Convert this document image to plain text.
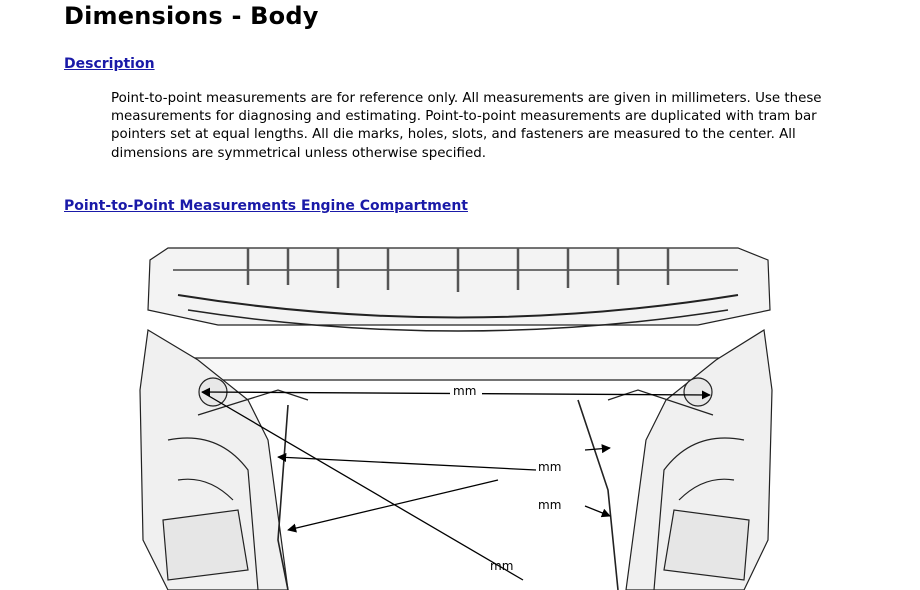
Dimensions - Body
Description

Point-to-point measurements are for reference only. All measurements are given in millimeters. Use these measurements for diagnosing and estimating. Point-to-point measurements are duplicated with tram bar pointers set at equal lengths. All die marks, holes, slots, and fasteners are measured to the center. All dimensions are symmetrical unless otherwise specified.

Point-to-Point Measurements Engine Compartment
mm
mm
mm
mm
